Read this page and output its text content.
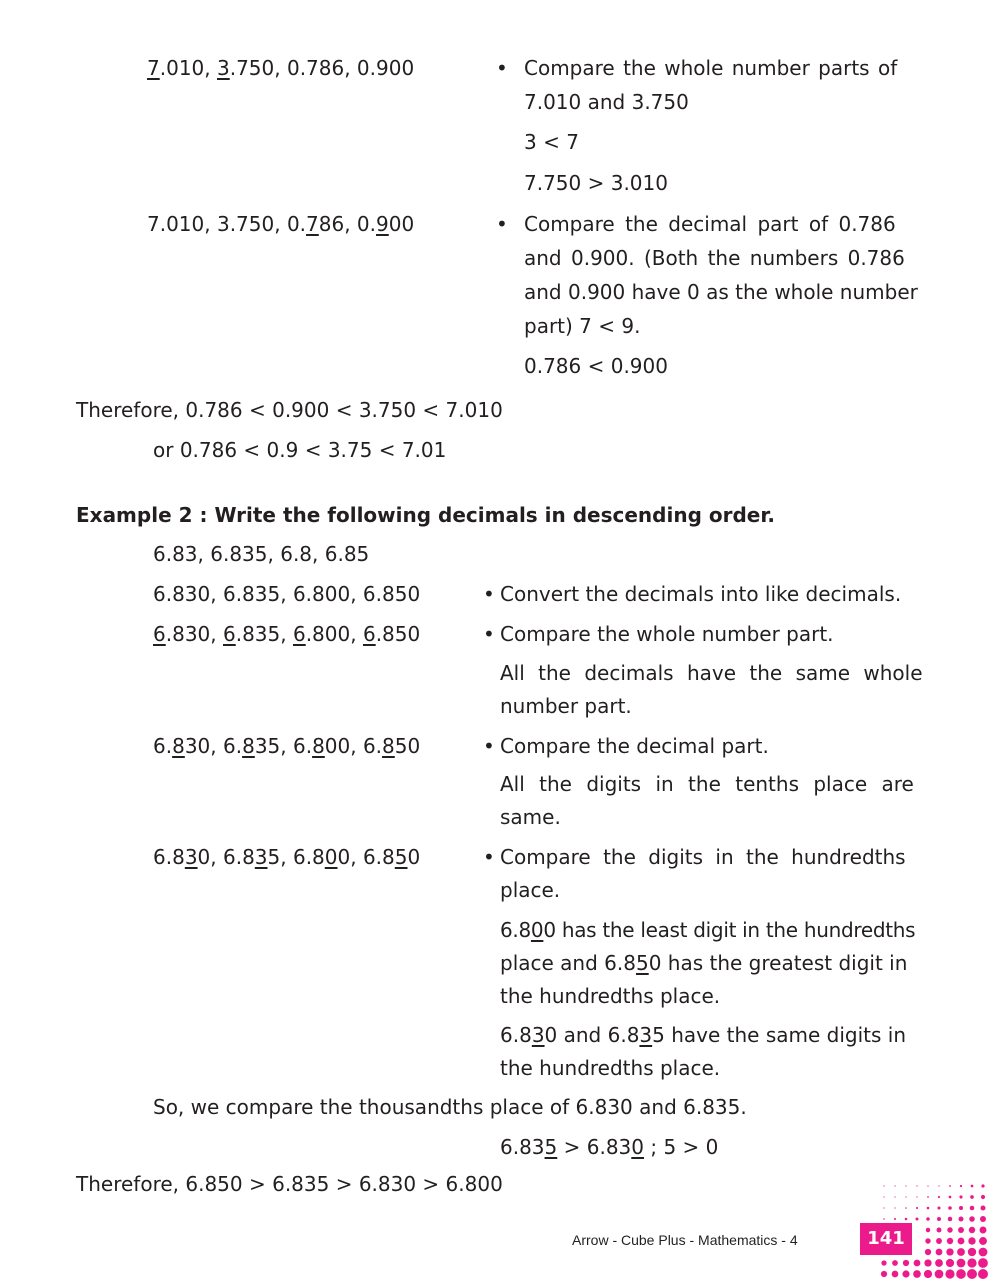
7.010, 3.750, 0.786, 0.900	• Compare the whole number parts of
7.010 and 3.750
3 < 7
7.750 > 3.010
7.010, 3.750, 0.786, 0.900	• Compare the decimal part of 0.786
and 0.900. (Both the numbers 0.786
and 0.900 have 0 as the whole number
part) 7 < 9.
0.786 < 0.900
Therefore, 0.786 < 0.900 < 3.750 < 7.010
or 0.786 < 0.9 < 3.75 < 7.01
Example 2 : Write the following decimals in descending order.
6.83, 6.835, 6.8, 6.85
6.830, 6.835, 6.800, 6.850	• Convert the decimals into like decimals.
6.830, 6.835, 6.800, 6.850	• Compare the whole number part.
All the decimals have the same whole
number part.
6.830, 6.835, 6.800, 6.850	• Compare the decimal part.
All the digits in the tenths place are
same.
6.830, 6.835, 6.800, 6.850	• Compare the digits in the hundredths
place.
6.800 has the least digit in the hundredths
place and 6.850 has the greatest digit in
the hundredths place.
6.830 and 6.835 have the same digits in
the hundredths place.
So, we compare the thousandths place of 6.830 and 6.835.
6.835 > 6.830 ; 5 > 0
Therefore, 6.850 > 6.835 > 6.830 > 6.800
Arrow - Cube Plus - Mathematics - 4	141
